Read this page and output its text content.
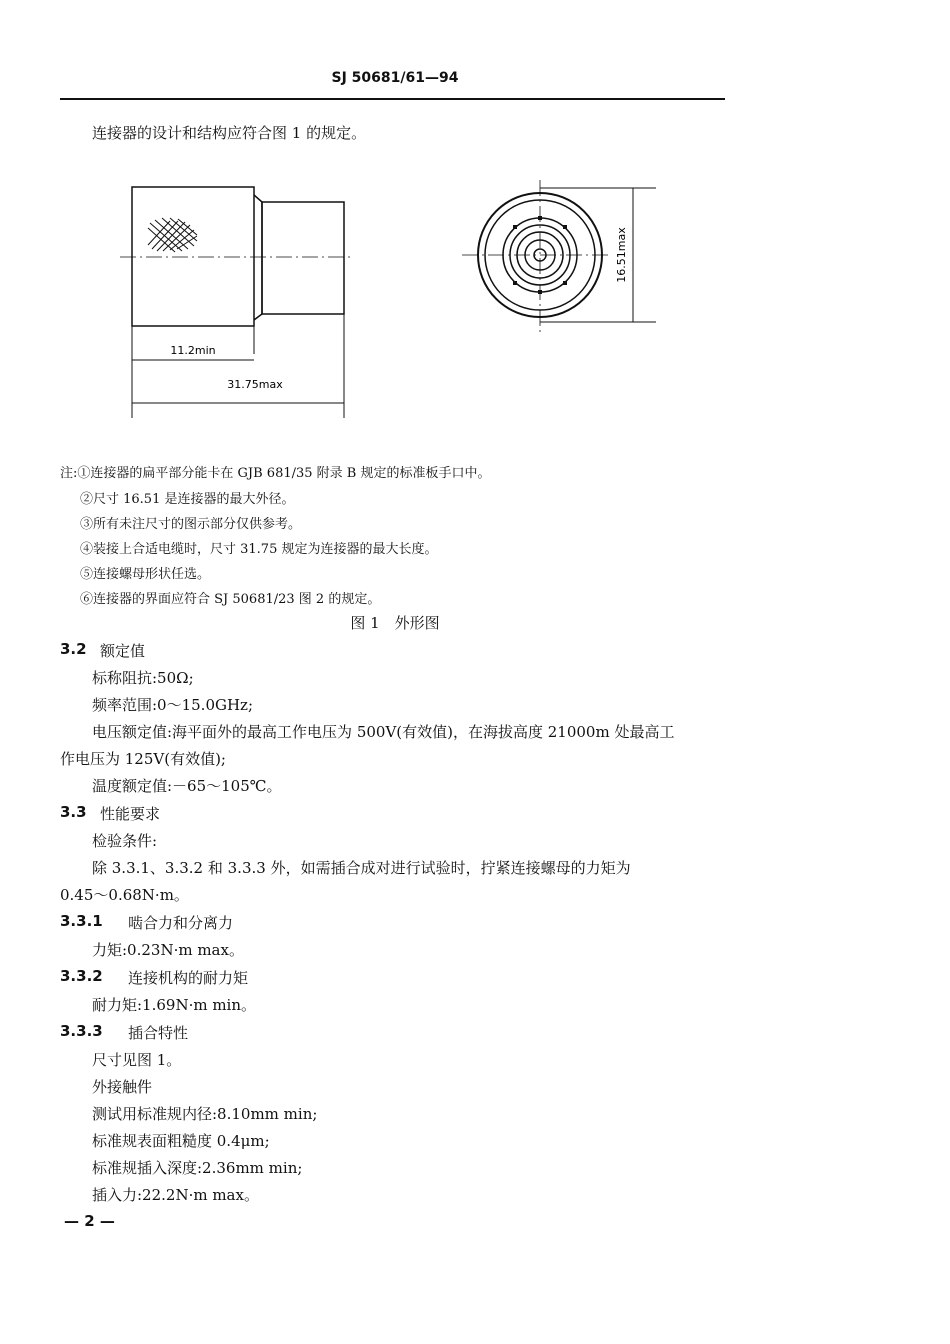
SJ 50681/61—94
连接器的设计和结构应符合图 1 的规定。
11.2min
31.75max
16.51max
注:①连接器的扁平部分能卡在 GJB 681/35 附录 B 规定的标准板手口中。
②尺寸 16.51 是连接器的最大外径。
③所有未注尺寸的图示部分仅供参考。
④装接上合适电缆时，尺寸 31.75 规定为连接器的最大长度。
⑤连接螺母形状任选。
⑥连接器的界面应符合 SJ 50681/23 图 2 的规定。
图 1　外形图
3.2 额定值
标称阻抗:50Ω;
频率范围:0～15.0GHz;
电压额定值:海平面外的最高工作电压为 500V(有效值)，在海拔高度 21000m 处最高工
作电压为 125V(有效值);
温度额定值:－65～105℃。
3.3 性能要求
检验条件:
除 3.3.1、3.3.2 和 3.3.3 外，如需插合成对进行试验时，拧紧连接螺母的力矩为
0.45～0.68N·m。
3.3.1 啮合力和分离力
力矩:0.23N·m max。
3.3.2 连接机构的耐力矩
耐力矩:1.69N·m min。
3.3.3 插合特性
尺寸见图 1。
外接触件
测试用标准规内径:8.10mm min;
标准规表面粗糙度 0.4μm;
标准规插入深度:2.36mm min;
插入力:22.2N·m max。
— 2 —
